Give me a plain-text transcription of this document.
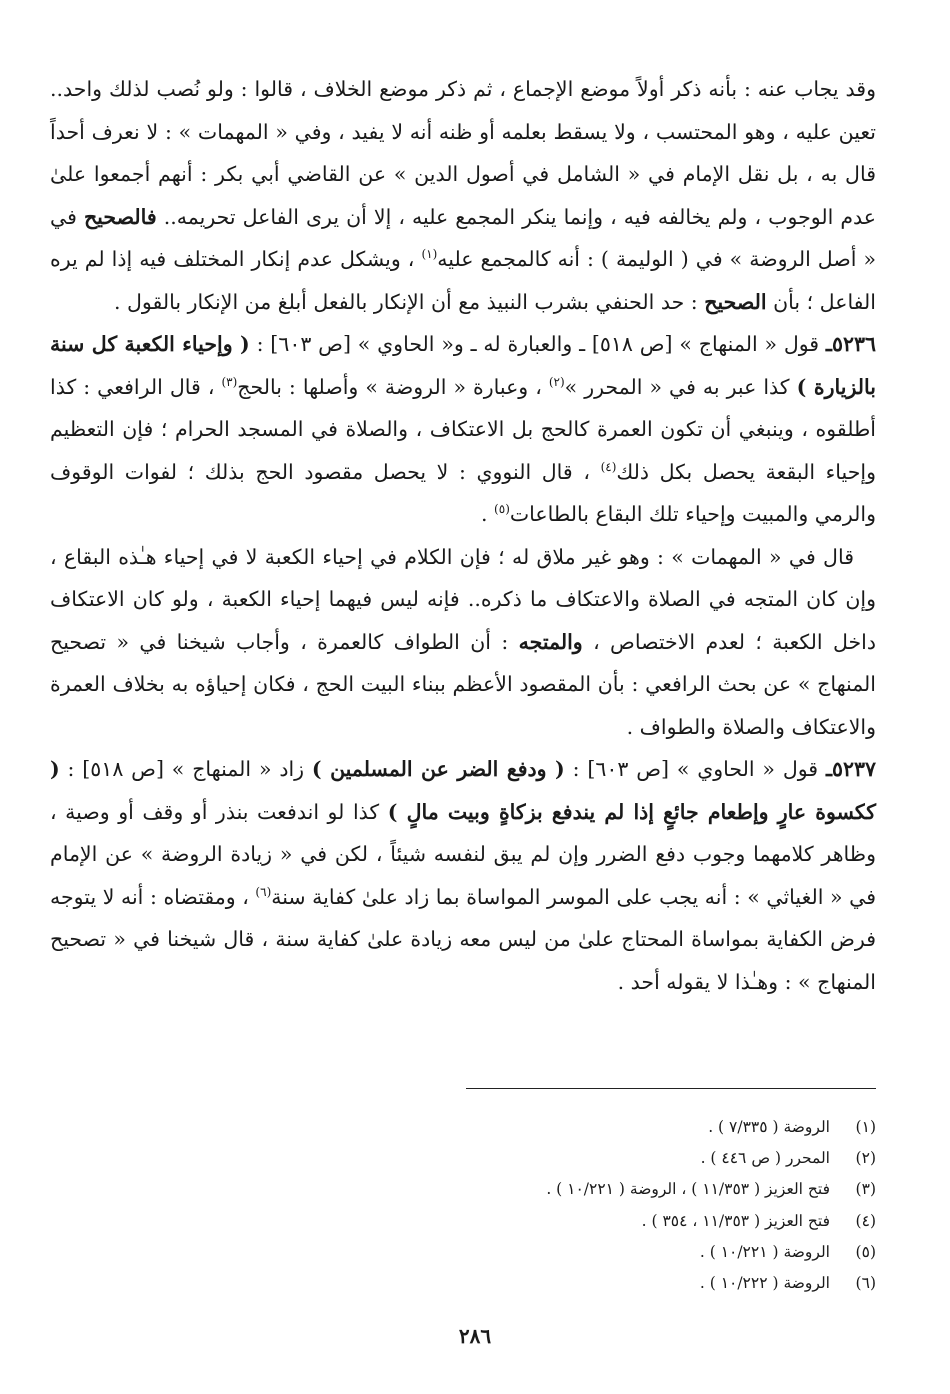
وقد يجاب عنه : بأنه ذكر أولاً موضع الإجماع ، ثم ذكر موضع الخلاف ، قالوا : ولو نُصب لذلك واحد.. تعين عليه ، وهو المحتسب ، ولا يسقط بعلمه أو ظنه أنه لا يفيد ، وفي « المهمات » : لا نعرف أحداً قال به ، بل نقل الإمام في « الشامل في أصول الدين » عن القاضي أبي بكر : أنهم أجمعوا علىٰ عدم الوجوب ، ولم يخالفه فيه ، وإنما ينكر المجمع عليه ، إلا أن يرى الفاعل تحريمه.. فالصحيح في « أصل الروضة » في ( الوليمة ) : أنه كالمجمع عليه$^{(١)}$ ، ويشكل عدم إنكار المختلف فيه إذا لم يره الفاعل ؛ بأن الصحيح : حد الحنفي بشرب النبيذ مع أن الإنكار بالفعل أبلغ من الإنكار بالقول .

٥٢٣٦ـ قول « المنهاج » [ص ٥١٨] ـ والعبارة له ـ و« الحاوي » [ص ٦٠٣] : ( وإحياء الكعبة كل سنة بالزيارة ) كذا عبر به في « المحرر »$^{(٢)}$ ، وعبارة « الروضة » وأصلها : بالحج$^{(٣)}$ ، قال الرافعي : كذا أطلقوه ، وينبغي أن تكون العمرة كالحج بل الاعتكاف ، والصلاة في المسجد الحرام ؛ فإن التعظيم وإحياء البقعة يحصل بكل ذلك$^{(٤)}$ ، قال النووي : لا يحصل مقصود الحج بذلك ؛ لفوات الوقوف والرمي والمبيت وإحياء تلك البقاع بالطاعات$^{(٥)}$ .

قال في « المهمات » : وهو غير ملاق له ؛ فإن الكلام في إحياء الكعبة لا في إحياء هـٰذه البقاع ، وإن كان المتجه في الصلاة والاعتكاف ما ذكره.. فإنه ليس فيهما إحياء الكعبة ، ولو كان الاعتكاف داخل الكعبة ؛ لعدم الاختصاص ، والمتجه : أن الطواف كالعمرة ، وأجاب شيخنا في « تصحيح المنهاج » عن بحث الرافعي : بأن المقصود الأعظم ببناء البيت الحج ، فكان إحياؤه به بخلاف العمرة والاعتكاف والصلاة والطواف .

٥٢٣٧ـ قول « الحاوي » [ص ٦٠٣] : ( ودفع الضر عن المسلمين ) زاد « المنهاج » [ص ٥١٨] : ( ككسوة عارٍ وإطعام جائعٍ إذا لم يندفع بزكاةٍ وبيت مالٍ ) كذا لو اندفعت بنذر أو وقف أو وصية ، وظاهر كلامهما وجوب دفع الضرر وإن لم يبق لنفسه شيئاً ، لكن في « زيادة الروضة » عن الإمام في « الغياثي » : أنه يجب على الموسر المواساة بما زاد علىٰ كفاية سنة$^{(٦)}$ ، ومقتضاه : أنه لا يتوجه فرض الكفاية بمواساة المحتاج علىٰ من ليس معه زيادة علىٰ كفاية سنة ، قال شيخنا في « تصحيح المنهاج » : وهـٰذا لا يقوله أحد .

(١)
الروضة ( ٧/٣٣٥ ) .
(٢)
المحرر ( ص ٤٤٦ ) .
(٣)
فتح العزيز ( ١١/٣٥٣ ) ، الروضة ( ١٠/٢٢١ ) .
(٤)
فتح العزيز ( ١١/٣٥٣ ، ٣٥٤ ) .
(٥)
الروضة ( ١٠/٢٢١ ) .
(٦)
الروضة ( ١٠/٢٢٢ ) .
٢٨٦
